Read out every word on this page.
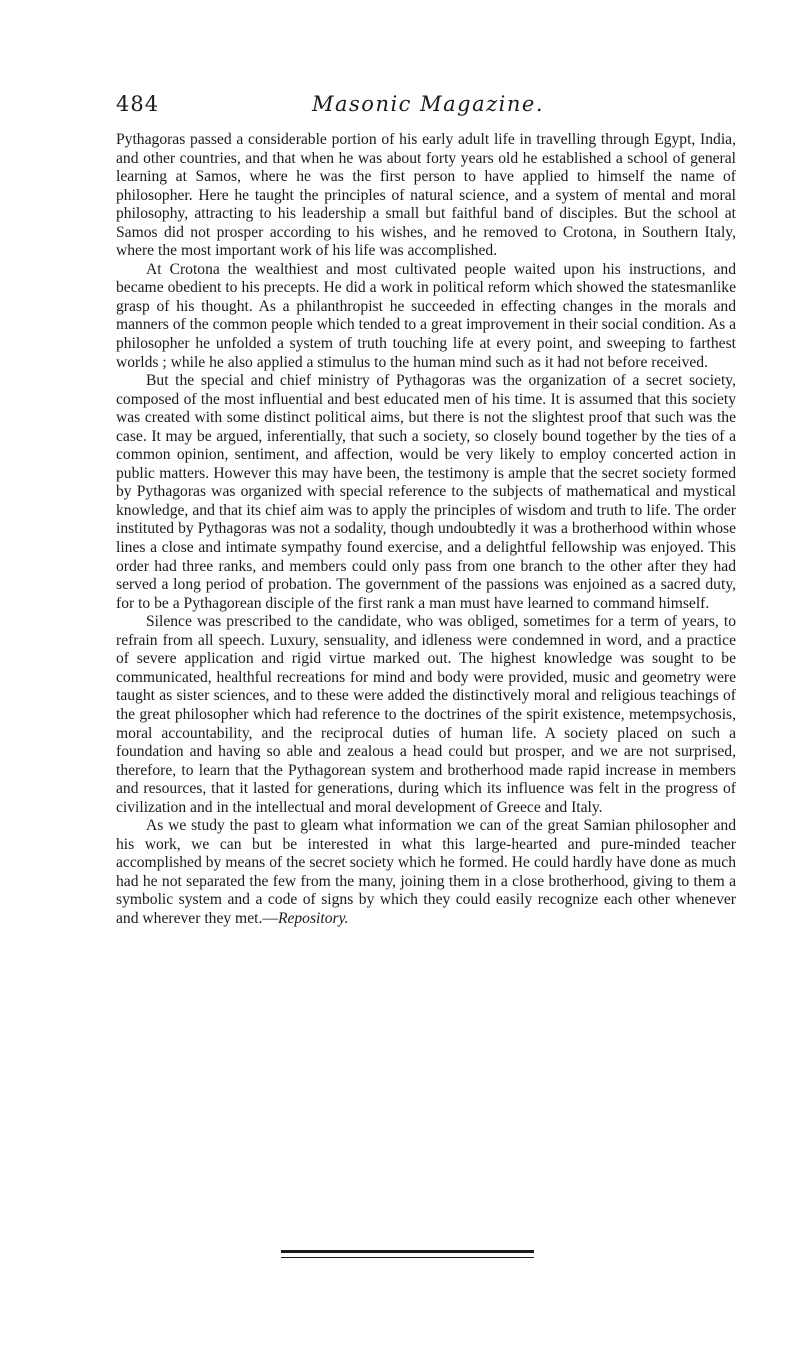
484	Masonic Magazine.

Pythagoras passed a considerable portion of his early adult life in travelling through Egypt, India, and other countries, and that when he was about forty years old he established a school of general learning at Samos, where he was the first person to have applied to himself the name of philosopher. Here he taught the principles of natural science, and a system of mental and moral philosophy, attracting to his leadership a small but faithful band of disciples. But the school at Samos did not prosper according to his wishes, and he removed to Crotona, in Southern Italy, where the most important work of his life was accomplished.

At Crotona the wealthiest and most cultivated people waited upon his instructions, and became obedient to his precepts. He did a work in political reform which showed the statesmanlike grasp of his thought. As a philanthropist he succeeded in effecting changes in the morals and manners of the common people which tended to a great improvement in their social condition. As a philosopher he unfolded a system of truth touching life at every point, and sweeping to farthest worlds ; while he also applied a stimulus to the human mind such as it had not before received.

But the special and chief ministry of Pythagoras was the organization of a secret society, composed of the most influential and best educated men of his time. It is assumed that this society was created with some distinct political aims, but there is not the slightest proof that such was the case. It may be argued, inferentially, that such a society, so closely bound together by the ties of a common opinion, sentiment, and affection, would be very likely to employ concerted action in public matters. However this may have been, the testimony is ample that the secret society formed by Pythagoras was organized with special reference to the subjects of mathematical and mystical knowledge, and that its chief aim was to apply the principles of wisdom and truth to life. The order instituted by Pythagoras was not a sodality, though undoubtedly it was a brotherhood within whose lines a close and intimate sympathy found exercise, and a delightful fellowship was enjoyed. This order had three ranks, and members could only pass from one branch to the other after they had served a long period of probation. The government of the passions was enjoined as a sacred duty, for to be a Pythagorean disciple of the first rank a man must have learned to command himself.

Silence was prescribed to the candidate, who was obliged, sometimes for a term of years, to refrain from all speech. Luxury, sensuality, and idleness were condemned in word, and a practice of severe application and rigid virtue marked out. The highest knowledge was sought to be communicated, healthful recreations for mind and body were provided, music and geometry were taught as sister sciences, and to these were added the distinctively moral and religious teachings of the great philosopher which had reference to the doctrines of the spirit existence, metempsychosis, moral accountability, and the reciprocal duties of human life. A society placed on such a foundation and having so able and zealous a head could but prosper, and we are not surprised, therefore, to learn that the Pythagorean system and brotherhood made rapid increase in members and resources, that it lasted for generations, during which its influence was felt in the progress of civilization and in the intellectual and moral development of Greece and Italy.

As we study the past to gleam what information we can of the great Samian philosopher and his work, we can but be interested in what this large-hearted and pure-minded teacher accomplished by means of the secret society which he formed. He could hardly have done as much had he not separated the few from the many, joining them in a close brotherhood, giving to them a symbolic system and a code of signs by which they could easily recognize each other whenever and wherever they met.—Repository.
